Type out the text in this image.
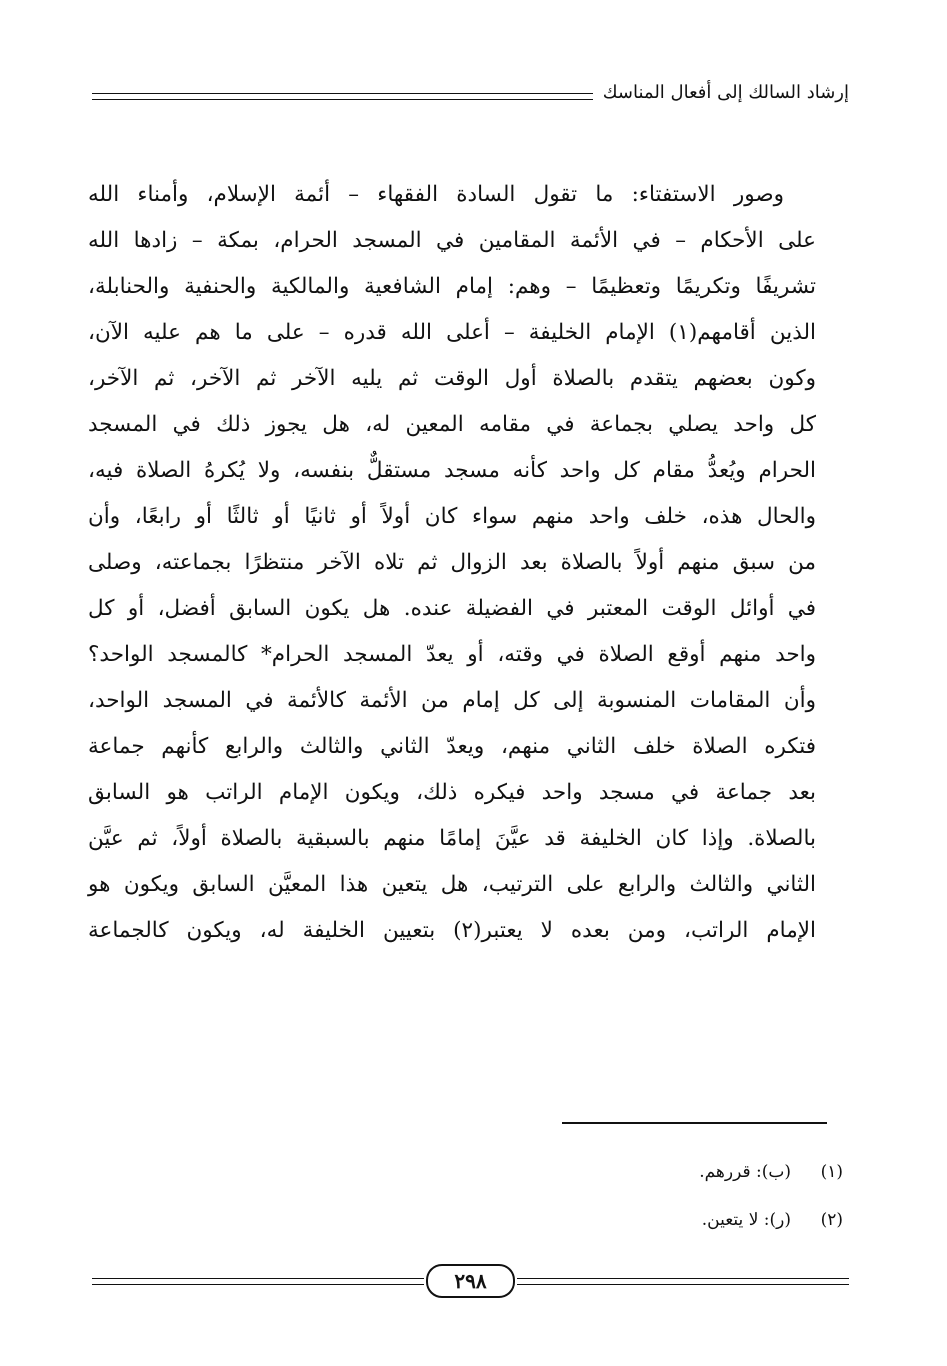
إرشاد السالك إلى أفعال المناسك
وصور الاستفتاء: ما تقول السادة الفقهاء – أئمة الإسلام، وأمناء الله
على الأحكام – في الأئمة المقامين في المسجد الحرام، بمكة – زادها الله
تشريفًا وتكريمًا وتعظيمًا – وهم: إمام الشافعية والمالكية والحنفية والحنابلة،
الذين أقامهم(١) الإمام الخليفة – أعلى الله قدره – على ما هم عليه الآن،
وكون بعضهم يتقدم بالصلاة أول الوقت ثم يليه الآخر ثم الآخر، ثم الآخر،
كل واحد يصلي بجماعة في مقامه المعين له، هل يجوز ذلك في المسجد
الحرام ويُعدُّ مقام كل واحد كأنه مسجد مستقلٌّ بنفسه، ولا يُكرهُ الصلاة فيه،
والحال هذه، خلف واحد منهم سواء كان أولاً أو ثانيًا أو ثالثًا أو رابعًا، وأن
من سبق منهم أولاً بالصلاة بعد الزوال ثم تلاه الآخر منتظرًا بجماعته، وصلى
في أوائل الوقت المعتبر في الفضيلة عنده. هل يكون السابق أفضل، أو كل
واحد منهم أوقع الصلاة في وقته، أو يعدّ المسجد الحرام* كالمسجد الواحد؟
وأن المقامات المنسوبة إلى كل إمام من الأئمة كالأئمة في المسجد الواحد،
فتكره الصلاة خلف الثاني منهم، ويعدّ الثاني والثالث والرابع كأنهم جماعة
بعد جماعة في مسجد واحد فيكره ذلك، ويكون الإمام الراتب هو السابق
بالصلاة. وإذا كان الخليفة قد عيَّنَ إمامًا منهم بالسبقية بالصلاة أولاً، ثم عيَّن
الثاني والثالث والرابع على الترتيب، هل يتعين هذا المعيَّن السابق ويكون هو
الإمام الراتب، ومن بعده لا يعتبر(٢) بتعيين الخليفة له، ويكون كالجماعة
(١)
(ب): قررهم.
(٢)
(ر): لا يتعين.
٢٩٨
